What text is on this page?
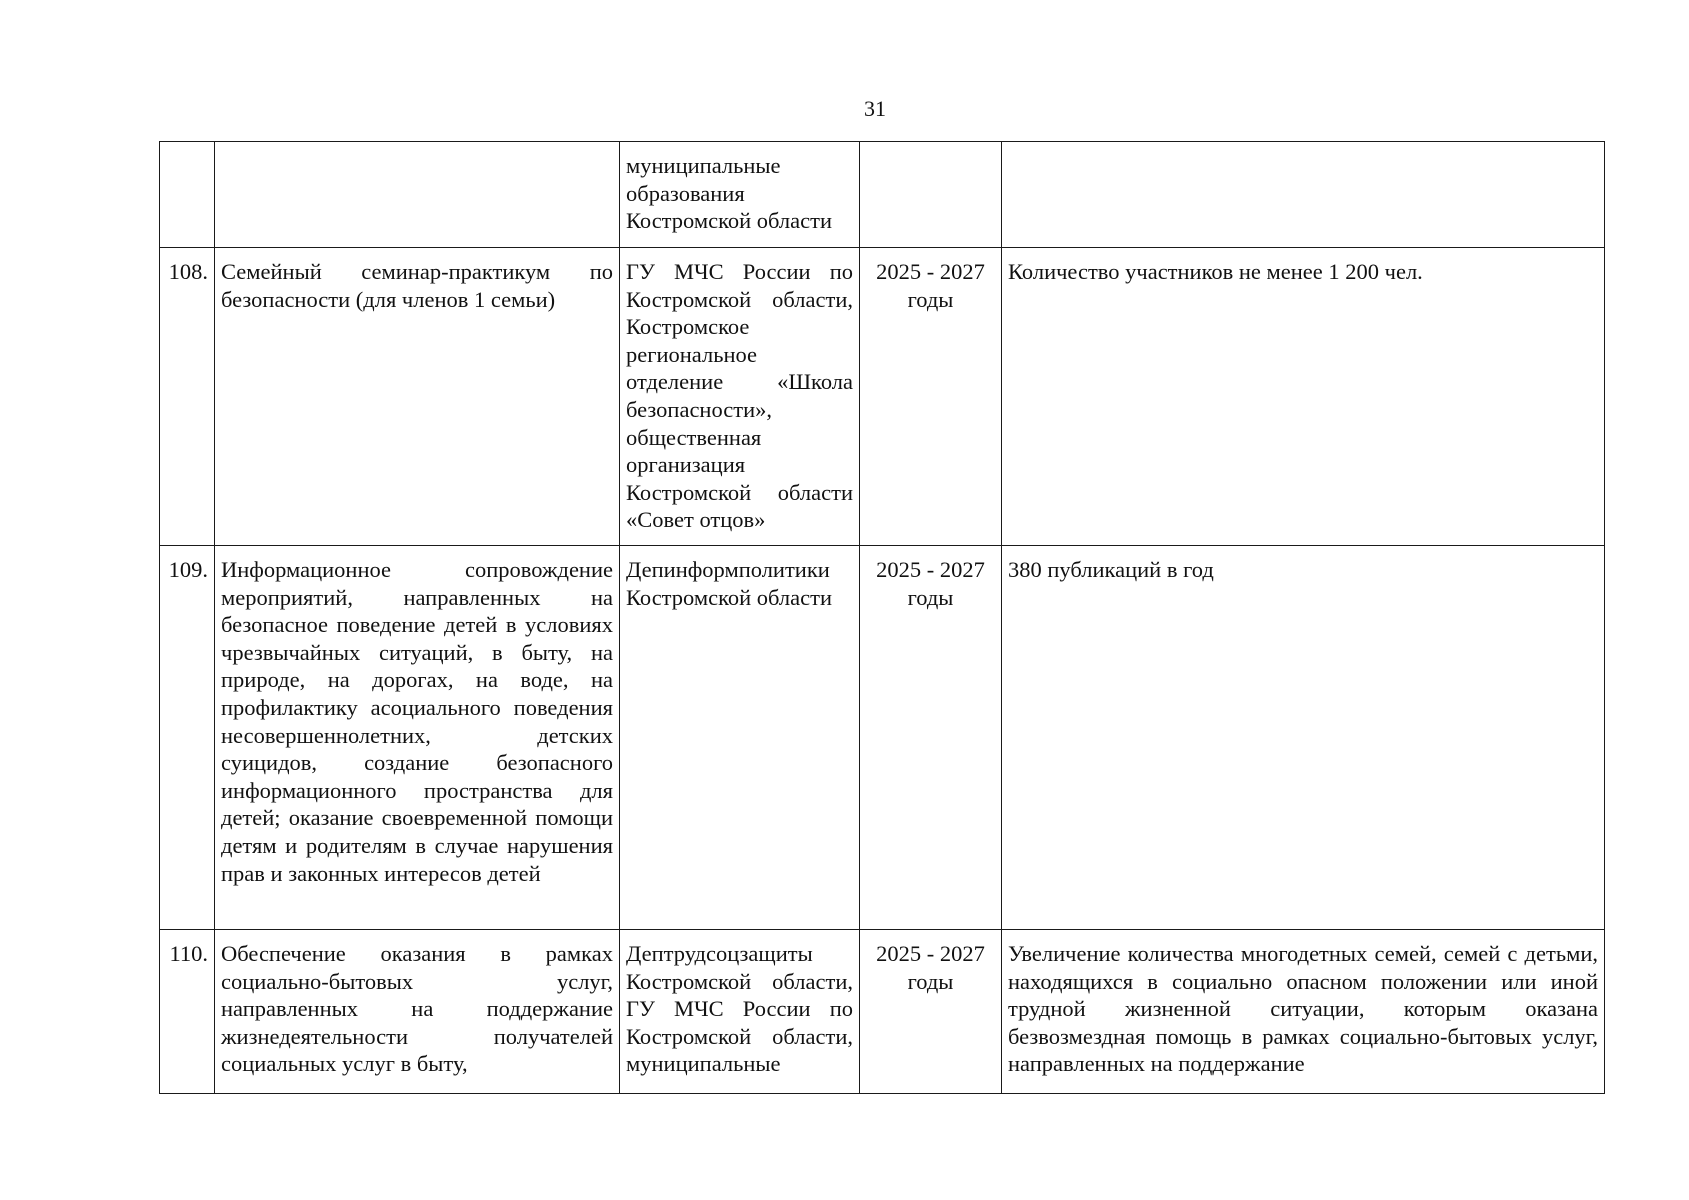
31

		муниципальные
образования
Костромской области		

108.	Семейный семинар-практикум по безопасности (для членов 1 семьи)	ГУ МЧС России по Костромской области, Костромское региональное отделение «Школа безопасности», общественная организация Костромской области «Совет отцов»	2025 - 2027 годы	Количество участников не менее 1 200 чел.
109.	Информационное сопровождение мероприятий, направленных на безопасное поведение детей в условиях чрезвычайных ситуаций, в быту, на природе, на дорогах, на воде, на профилактику асоциального поведения несовершеннолетних, детских суицидов, создание безопасного информационного пространства для детей; оказание своевременной помощи детям и родителям в случае нарушения прав и законных интересов детей	Депинформполитики Костромской области	2025 - 2027 годы	380 публикаций в год
110.	Обеспечение оказания в рамках социально-бытовых услуг, направленных на поддержание жизнедеятельности получателей социальных услуг в быту,	Дептрудсоцзащиты Костромской области, ГУ МЧС России по Костромской области, муниципальные	2025 - 2027 годы	Увеличение количества многодетных семей, семей с детьми, находящихся в социально опасном положении или иной трудной жизненной ситуации, которым оказана безвозмездная помощь в рамках социально-бытовых услуг, направленных на поддержание
